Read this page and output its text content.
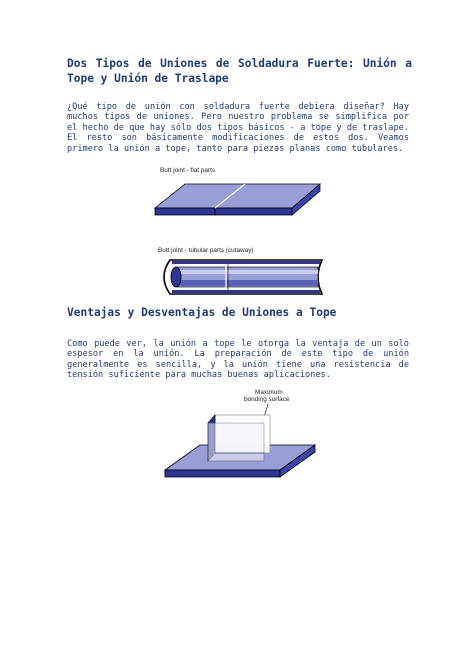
Dos Tipos de Uniones de Soldadura Fuerte: Unión a Tope y Unión de Traslape
¿Qué tipo de unión con soldadura fuerte debiera diseñar? Hay muchos tipos de uniones. Pero nuestro problema se simplifica por el hecho de que hay sólo dos tipos básicos - a tope y de traslape. El resto son básicamente modificaciones de estos dos. Veamos primero la unión a tope, tanto para piezas planas como tubulares.
Butt joint - flat parts
Butt joint - tubular parts (cutaway)
Ventajas y Desventajas de Uniones a Tope
Como puede ver, la unión a tope le otorga la ventaja de un solo espesor en la unión. La preparación de este tipo de unión generalmente es sencilla, y la unión tiene una resistencia de tensión suficiente para muchas buenas aplicaciones.
Maximum
bonding surface
